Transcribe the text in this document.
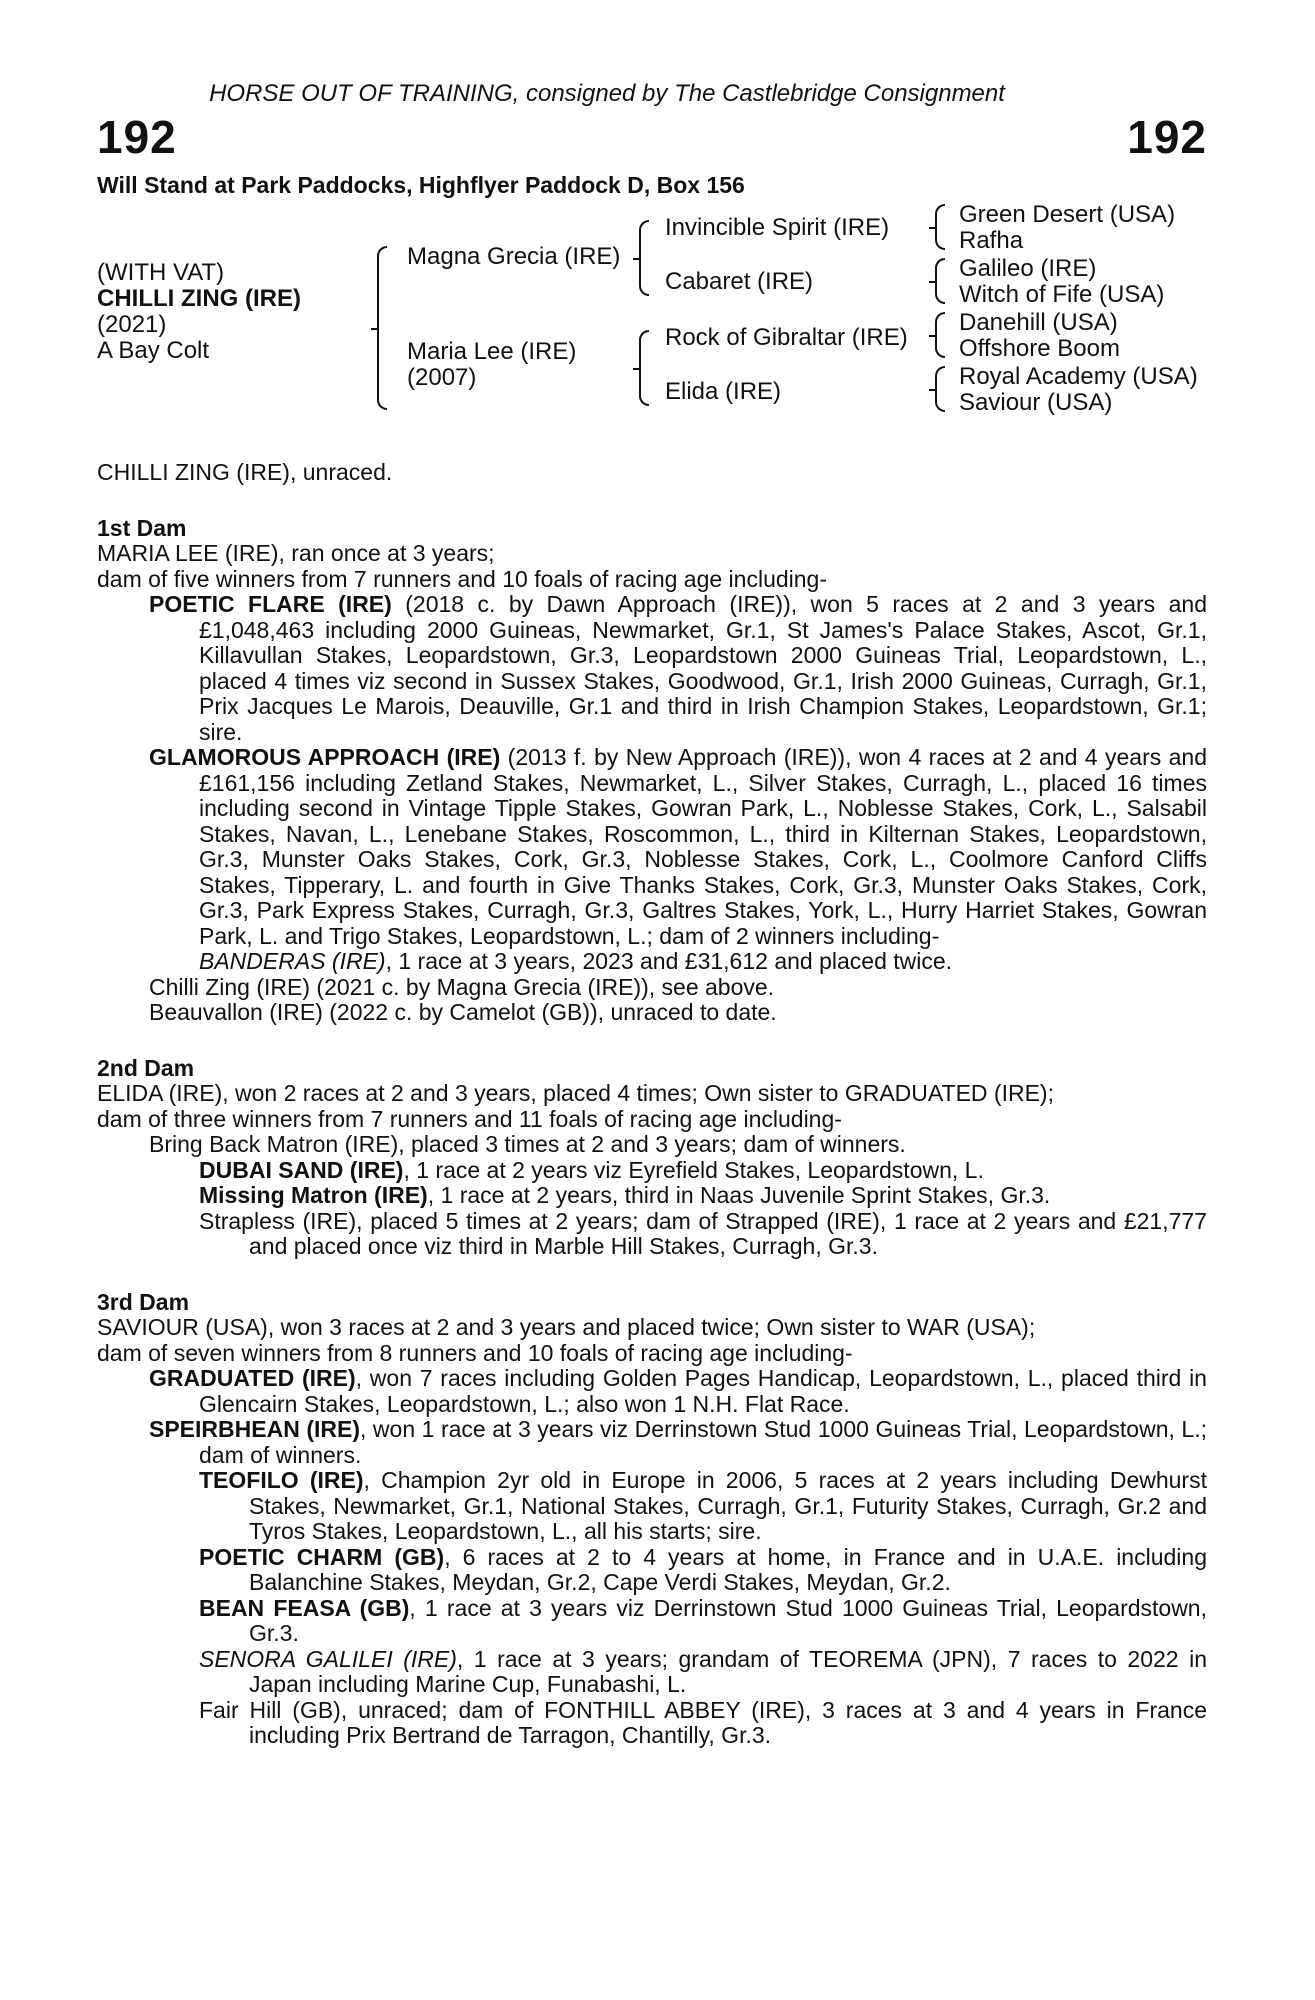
HORSE OUT OF TRAINING, consigned by The Castlebridge Consignment
192	192
Will Stand at Park Paddocks, Highflyer Paddock D, Box 156
(WITH VAT)
CHILLI ZING (IRE)
(2021)
A Bay Colt
Magna Grecia (IRE)
Maria Lee (IRE)
(2007)
Invincible Spirit (IRE)
Cabaret (IRE)
Rock of Gibraltar (IRE)
Elida (IRE)
Green Desert (USA)
Rafha
Galileo (IRE)
Witch of Fife (USA)
Danehill (USA)
Offshore Boom
Royal Academy (USA)
Saviour (USA)

CHILLI ZING (IRE), unraced.

1st Dam

MARIA LEE (IRE), ran once at 3 years;

dam of five winners from 7 runners and 10 foals of racing age including-

POETIC FLARE (IRE) (2018 c. by Dawn Approach (IRE)), won 5 races at 2 and 3 years and £1,048,463 including 2000 Guineas, Newmarket, Gr.1, St James's Palace Stakes, Ascot, Gr.1, Killavullan Stakes, Leopardstown, Gr.3, Leopardstown 2000 Guineas Trial, Leopardstown, L., placed 4 times viz second in Sussex Stakes, Goodwood, Gr.1, Irish 2000 Guineas, Curragh, Gr.1, Prix Jacques Le Marois, Deauville, Gr.1 and third in Irish Champion Stakes, Leopardstown, Gr.1; sire.

GLAMOROUS APPROACH (IRE) (2013 f. by New Approach (IRE)), won 4 races at 2 and 4 years and £161,156 including Zetland Stakes, Newmarket, L., Silver Stakes, Curragh, L., placed 16 times including second in Vintage Tipple Stakes, Gowran Park, L., Noblesse Stakes, Cork, L., Salsabil Stakes, Navan, L., Lenebane Stakes, Roscommon, L., third in Kilternan Stakes, Leopardstown, Gr.3, Munster Oaks Stakes, Cork, Gr.3, Noblesse Stakes, Cork, L., Coolmore Canford Cliffs Stakes, Tipperary, L. and fourth in Give Thanks Stakes, Cork, Gr.3, Munster Oaks Stakes, Cork, Gr.3, Park Express Stakes, Curragh, Gr.3, Galtres Stakes, York, L., Hurry Harriet Stakes, Gowran Park, L. and Trigo Stakes, Leopardstown, L.; dam of 2 winners including-

BANDERAS (IRE), 1 race at 3 years, 2023 and £31,612 and placed twice.

Chilli Zing (IRE) (2021 c. by Magna Grecia (IRE)), see above.

Beauvallon (IRE) (2022 c. by Camelot (GB)), unraced to date.

2nd Dam

ELIDA (IRE), won 2 races at 2 and 3 years, placed 4 times; Own sister to GRADUATED (IRE);

dam of three winners from 7 runners and 11 foals of racing age including-

Bring Back Matron (IRE), placed 3 times at 2 and 3 years; dam of winners.

DUBAI SAND (IRE), 1 race at 2 years viz Eyrefield Stakes, Leopardstown, L.

Missing Matron (IRE), 1 race at 2 years, third in Naas Juvenile Sprint Stakes, Gr.3.

Strapless (IRE), placed 5 times at 2 years; dam of Strapped (IRE), 1 race at 2 years and £21,777 and placed once viz third in Marble Hill Stakes, Curragh, Gr.3.

3rd Dam

SAVIOUR (USA), won 3 races at 2 and 3 years and placed twice; Own sister to WAR (USA);

dam of seven winners from 8 runners and 10 foals of racing age including-

GRADUATED (IRE), won 7 races including Golden Pages Handicap, Leopardstown, L., placed third in Glencairn Stakes, Leopardstown, L.; also won 1 N.H. Flat Race.

SPEIRBHEAN (IRE), won 1 race at 3 years viz Derrinstown Stud 1000 Guineas Trial, Leopardstown, L.; dam of winners.

TEOFILO (IRE), Champion 2yr old in Europe in 2006, 5 races at 2 years including Dewhurst Stakes, Newmarket, Gr.1, National Stakes, Curragh, Gr.1, Futurity Stakes, Curragh, Gr.2 and Tyros Stakes, Leopardstown, L., all his starts; sire.

POETIC CHARM (GB), 6 races at 2 to 4 years at home, in France and in U.A.E. including Balanchine Stakes, Meydan, Gr.2, Cape Verdi Stakes, Meydan, Gr.2.

BEAN FEASA (GB), 1 race at 3 years viz Derrinstown Stud 1000 Guineas Trial, Leopardstown, Gr.3.

SENORA GALILEI (IRE), 1 race at 3 years; grandam of TEOREMA (JPN), 7 races to 2022 in Japan including Marine Cup, Funabashi, L.

Fair Hill (GB), unraced; dam of FONTHILL ABBEY (IRE), 3 races at 3 and 4 years in France including Prix Bertrand de Tarragon, Chantilly, Gr.3.
